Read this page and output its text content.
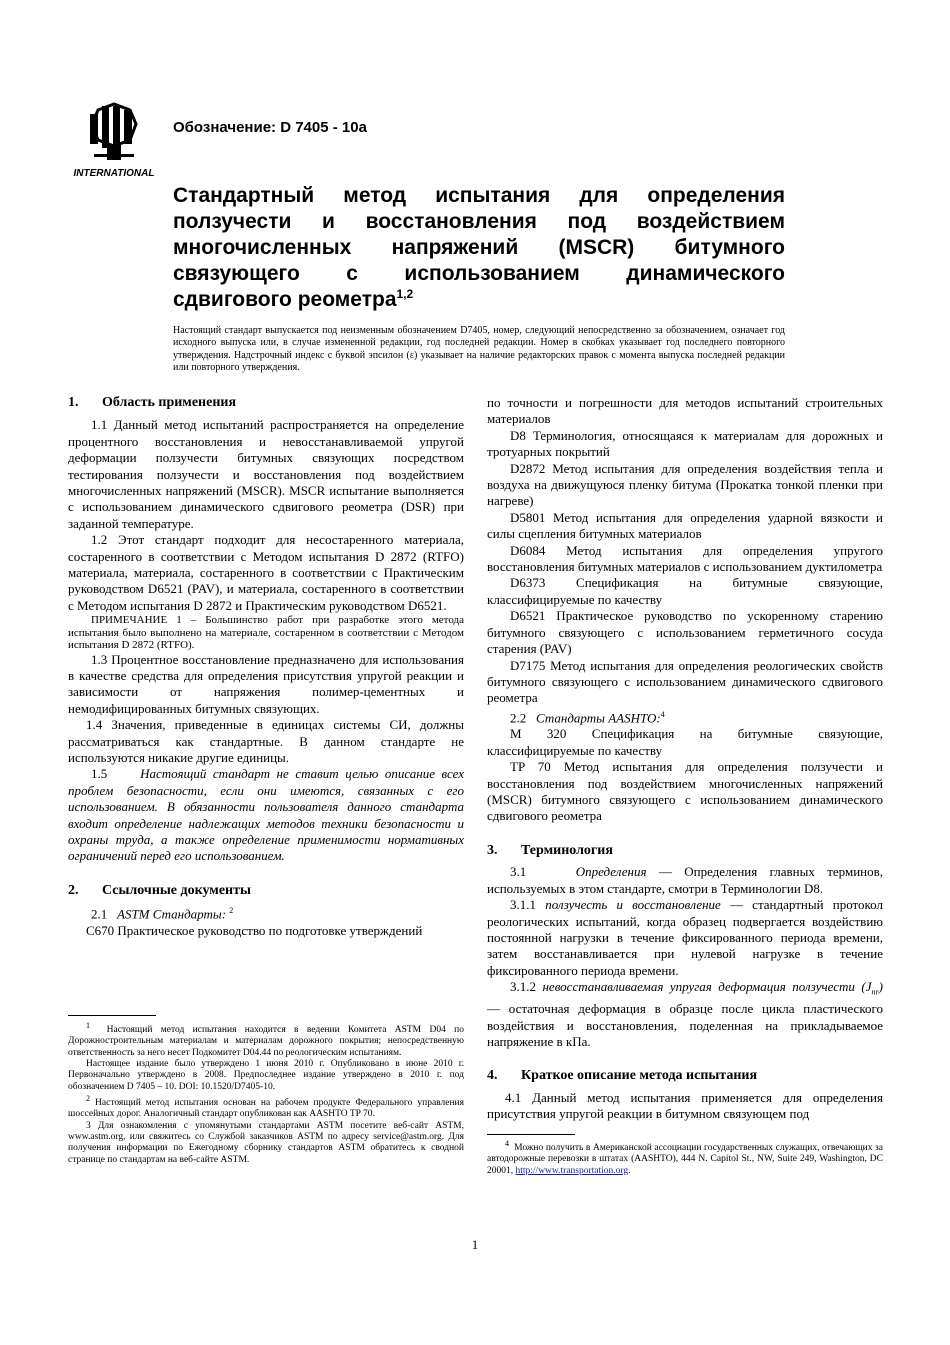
INTERNATIONAL
Обозначение: D 7405 - 10a
Стандартный метод испытания для определения ползучести и восстановления под воздействием многочисленных напряжений (MSCR) битумного связующего с использованием динамического сдвигового реометра$^{1,2}$
Настоящий стандарт выпускается под неизменным обозначением D7405, номер, следующий непосредственно за обозначением, означает год исходного выпуска или, в случае измененной редакции, год последней редакции. Номер в скобках указывает год последнего повторного утверждения. Надстрочный индекс с буквой эпсилон (ε) указывает на наличие редакторских правок с момента выпуска последней редакции или повторного утверждения.

1. Область применения

1.1 Данный метод испытаний распространяется на определение процентного восстановления и невосстанавливаемой упругой деформации ползучести битумных связующих посредством тестирования ползучести и восстановления под воздействием многочисленных напряжений (MSCR). MSCR испытание выполняется с использованием динамического сдвигового реометра (DSR) при заданной температуре.

1.2 Этот стандарт подходит для несостаренного материала, состаренного в соответствии с Методом испытания D 2872 (RTFO) материала, материала, состаренного в соответствии с Практическим руководством D6521 (PAV), и материала, состаренного в соответствии с Методом испытания D 2872 и Практическим руководством D6521.

ПРИМЕЧАНИЕ 1 – Большинство работ при разработке этого метода испытания было выполнено на материале, состаренном в соответствии с Методом испытания D 2872 (RTFO).

1.3 Процентное восстановление предназначено для использования в качестве средства для определения присутствия упругой реакции и зависимости от напряжения полимер-цементных и немодифицированных битумных связующих.

1.4 Значения, приведенные в единицах системы СИ, должны рассматриваться как стандартные. В данном стандарте не используются никакие другие единицы.

1.5	Настоящий стандарт не ставит целью описание всех проблем безопасности, если они имеются, связанных с его использованием. В обязанности пользователя данного стандарта входит определение надлежащих методов техники безопасности и охраны труда, а также определение применимости нормативных ограничений перед его использованием.

2. Ссылочные документы

2.1 ASTM Стандарты: $^2$

C670 Практическое руководство по подготовке утверждений

по точности и погрешности для методов испытаний строительных материалов

D8 Терминология, относящаяся к материалам для дорожных и тротуарных покрытий

D2872 Метод испытания для определения воздействия тепла и воздуха на движущуюся пленку битума (Прокатка тонкой пленки при нагреве)

D5801 Метод испытания для определения ударной вязкости и силы сцепления битумных материалов

D6084 Метод испытания для определения упругого восстановления битумных материалов с использованием дуктилометра

D6373 Спецификация на битумные связующие, классифицируемые по качеству

D6521 Практическое руководство по ускоренному старению битумного связующего с использованием герметичного сосуда старения (PAV)

D7175 Метод испытания для определения реологических свойств битумного связующего с использованием динамического сдвигового реометра

2.2 Стандарты AASHTO:$^4$

M 320 Спецификация на битумные связующие, классифицируемые по качеству

TP 70 Метод испытания для определения ползучести и восстановления под воздействием многочисленных напряжений (MSCR) битумного связующего с использованием динамического сдвигового реометра

3. Терминология

3.1	Определения — Определения главных терминов, используемых в этом стандарте, смотри в Терминологии D8.

3.1.1 ползучесть и восстановление — стандартный протокол реологических испытаний, когда образец подвергается воздействию постоянной нагрузки в течение фиксированного периода времени, затем восстанавливается при нулевой нагрузке в течение фиксированного периода времени.

3.1.2 невосстанавливаемая упругая деформация ползучести $(J_{nr})$ — остаточная деформация в образце после цикла пластического воздействия и восстановления, поделенная на прикладываемое напряжение в кПа.

4. Краткое описание метода испытания

4.1 Данный метод испытания применяется для определения присутствия упругой реакции в битумном связующем под

$^1$ Настоящий метод испытания находится в ведении Комитета ASTM D04 по Дорожностроительным материалам и материалам дорожного покрытия; непосредственную ответственность за него несет Подкомитет D04.44 по реологическим испытаниям.

Настоящее издание было утверждено 1 июня 2010 г. Опубликовано в июне 2010 г. Первоначально утверждено в 2008. Предпоследнее издание утверждено в 2010 г. под обозначением D 7405 – 10. DOI: 10.1520/D7405-10.

$^2$ Настоящий метод испытания основан на рабочем продукте Федерального управления шоссейных дорог. Аналогичный стандарт опубликован как AASHTO TP 70.

3 Для ознакомления с упомянутыми стандартами ASTM посетите веб-сайт ASTM, www.astm.org, или свяжитесь со Службой заказчиков ASTM по адресу service@astm.org. Для получения информации по Ежегодному сборнику стандартов ASTM обратитесь к сводной странице по стандартам на веб-сайте ASTM.

$^4$ Можно получить в Американской ассоциации государственных служащих, отвечающих за автодорожные перевозки в штатах (AASHTO), 444 N. Capitol St., NW, Suite 249, Washington, DC 20001, http://www.transportation.org.

1
